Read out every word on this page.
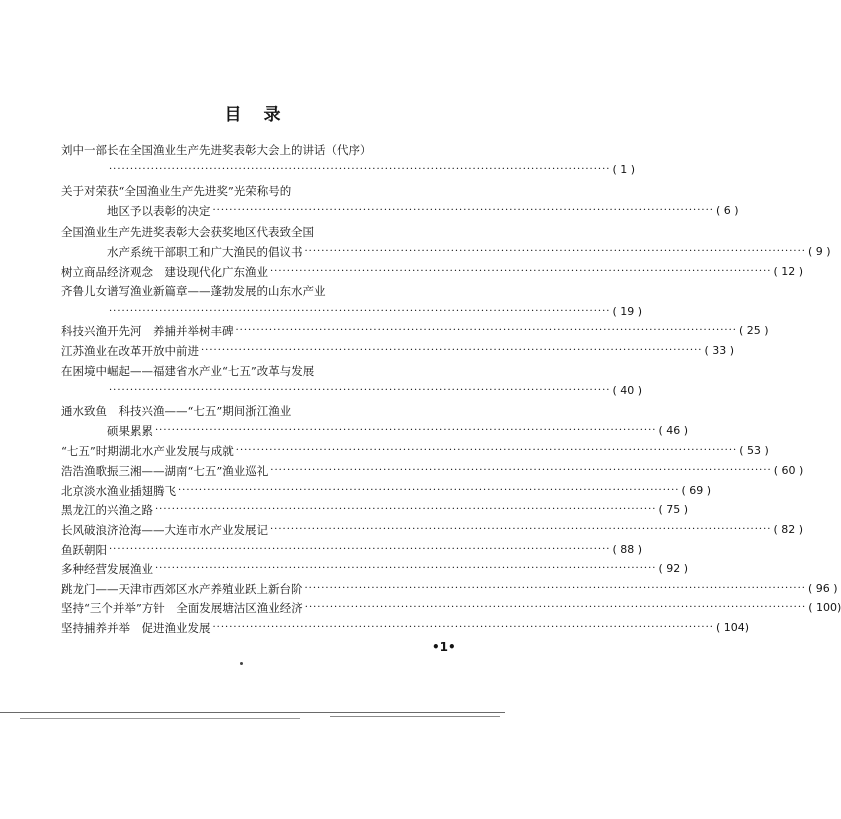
目录
刘中一部长在全国渔业生产先进奖表彰大会上的讲话（代序）
························································································································ ( 1 )
关于对荣获“全国渔业生产先进奖”光荣称号的
地区予以表彰的决定 ························································································································ ( 6 )
全国渔业生产先进奖表彰大会获奖地区代表致全国
水产系统干部职工和广大渔民的倡议书 ························································································································ ( 9 )
树立商品经济观念　建设现代化广东渔业 ························································································································ ( 12 )
齐鲁儿女谱写渔业新篇章——蓬勃发展的山东水产业
························································································································ ( 19 )
科技兴渔开先河　养捕并举树丰碑 ························································································································ ( 25 )
江苏渔业在改革开放中前进 ························································································································ ( 33 )
在困境中崛起——福建省水产业“七五”改革与发展
························································································································ ( 40 )
通水致鱼　科技兴渔——“七五”期间浙江渔业
硕果累累 ························································································································ ( 46 )
“七五”时期湖北水产业发展与成就 ························································································································ ( 53 )
浩浩渔歌振三湘——湖南“七五”渔业巡礼 ························································································································ ( 60 )
北京淡水渔业插翅腾飞 ························································································································ ( 69 )
黑龙江的兴渔之路 ························································································································ ( 75 )
长风破浪济沧海——大连市水产业发展记 ························································································································ ( 82 )
鱼跃朝阳 ························································································································ ( 88 )
多种经营发展渔业 ························································································································ ( 92 )
跳龙门——天津市西郊区水产养殖业跃上新台阶 ························································································································ ( 96 )
坚持“三个并举”方针　全面发展塘沽区渔业经济 ························································································································ ( 100)
坚持捕养并举　促进渔业发展 ························································································································ ( 104)
•1•
